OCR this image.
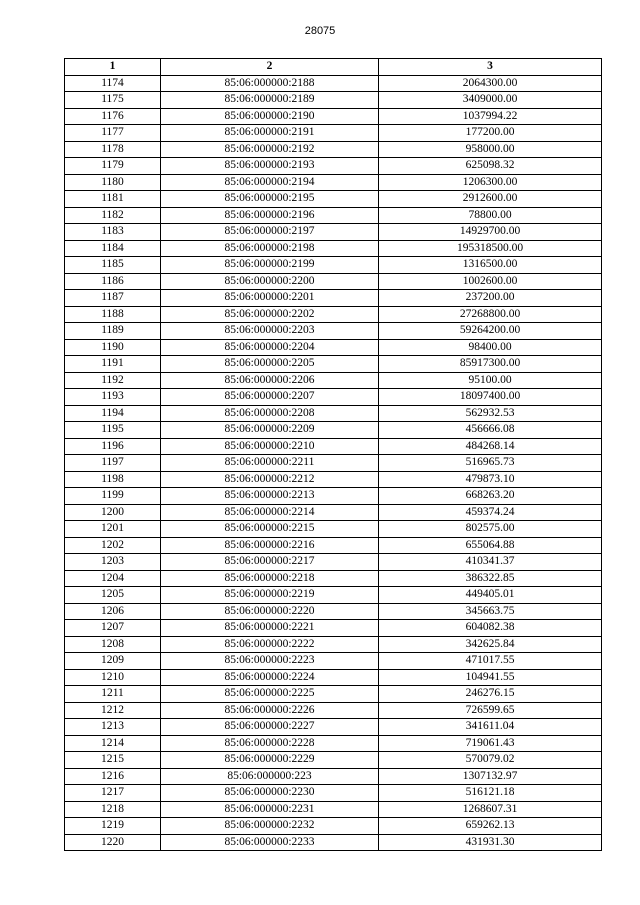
28075
1	2	3
1174	85:06:000000:2188	2064300.00
1175	85:06:000000:2189	3409000.00
1176	85:06:000000:2190	1037994.22
1177	85:06:000000:2191	177200.00
1178	85:06:000000:2192	958000.00
1179	85:06:000000:2193	625098.32
1180	85:06:000000:2194	1206300.00
1181	85:06:000000:2195	2912600.00
1182	85:06:000000:2196	78800.00
1183	85:06:000000:2197	14929700.00
1184	85:06:000000:2198	195318500.00
1185	85:06:000000:2199	1316500.00
1186	85:06:000000:2200	1002600.00
1187	85:06:000000:2201	237200.00
1188	85:06:000000:2202	27268800.00
1189	85:06:000000:2203	59264200.00
1190	85:06:000000:2204	98400.00
1191	85:06:000000:2205	85917300.00
1192	85:06:000000:2206	95100.00
1193	85:06:000000:2207	18097400.00
1194	85:06:000000:2208	562932.53
1195	85:06:000000:2209	456666.08
1196	85:06:000000:2210	484268.14
1197	85:06:000000:2211	516965.73
1198	85:06:000000:2212	479873.10
1199	85:06:000000:2213	668263.20
1200	85:06:000000:2214	459374.24
1201	85:06:000000:2215	802575.00
1202	85:06:000000:2216	655064.88
1203	85:06:000000:2217	410341.37
1204	85:06:000000:2218	386322.85
1205	85:06:000000:2219	449405.01
1206	85:06:000000:2220	345663.75
1207	85:06:000000:2221	604082.38
1208	85:06:000000:2222	342625.84
1209	85:06:000000:2223	471017.55
1210	85:06:000000:2224	104941.55
1211	85:06:000000:2225	246276.15
1212	85:06:000000:2226	726599.65
1213	85:06:000000:2227	341611.04
1214	85:06:000000:2228	719061.43
1215	85:06:000000:2229	570079.02
1216	85:06:000000:223	1307132.97
1217	85:06:000000:2230	516121.18
1218	85:06:000000:2231	1268607.31
1219	85:06:000000:2232	659262.13
1220	85:06:000000:2233	431931.30
